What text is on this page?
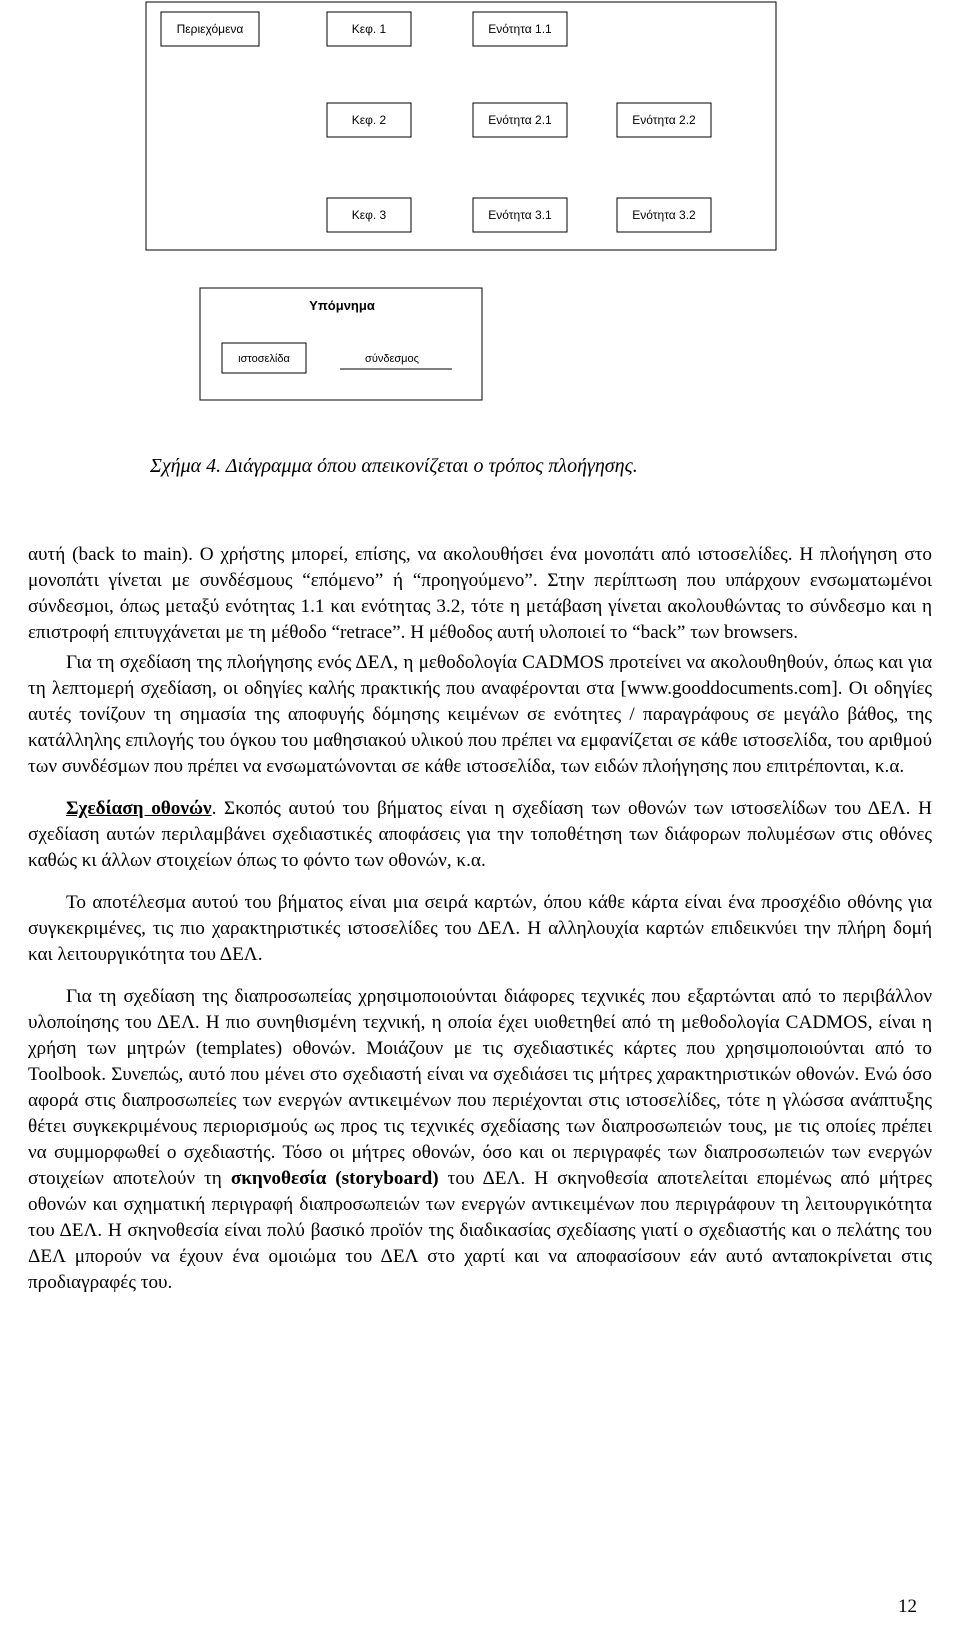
Περιεχόμενα	Κεφ. 1	Ενότητα 1.1
Κεφ. 2	Ενότητα 2.1	Ενότητα 2.2
Κεφ. 3	Ενότητα 3.1	Ενότητα 3.2
Υπόμνημα
ιστοσελίδα	σύνδεσμος
Σχήμα 4. Διάγραμμα όπου απεικονίζεται ο τρόπος πλοήγησης.

αυτή (back to main). Ο χρήστης μπορεί, επίσης, να ακολουθήσει ένα μονοπάτι από ιστοσελίδες. Η πλοήγηση στο μονοπάτι γίνεται με συνδέσμους “επόμενο” ή “προηγούμενο”. Στην περίπτωση που υπάρχουν ενσωματωμένοι σύνδεσμοι, όπως μεταξύ ενότητας 1.1 και ενότητας 3.2, τότε η μετάβαση γίνεται ακολουθώντας το σύνδεσμο και η επιστροφή επιτυγχάνεται με τη μέθοδο “retrace”. Η μέθοδος αυτή υλοποιεί το “back” των browsers.

Για τη σχεδίαση της πλοήγησης ενός ΔΕΛ, η μεθοδολογία CADMOS προτείνει να ακολουθηθούν, όπως και για τη λεπτομερή σχεδίαση, οι οδηγίες καλής πρακτικής που αναφέρονται στα [www.gooddocuments.com]. Οι οδηγίες αυτές τονίζουν τη σημασία της αποφυγής δόμησης κειμένων σε ενότητες / παραγράφους σε μεγάλο βάθος, της κατάλληλης επιλογής του όγκου του μαθησιακού υλικού που πρέπει να εμφανίζεται σε κάθε ιστοσελίδα, του αριθμού των συνδέσμων που πρέπει να ενσωματώνονται σε κάθε ιστοσελίδα, των ειδών πλοήγησης που επιτρέπονται, κ.α.

Σχεδίαση οθονών. Σκοπός αυτού του βήματος είναι η σχεδίαση των οθονών των ιστοσελίδων του ΔΕΛ. Η σχεδίαση αυτών περιλαμβάνει σχεδιαστικές αποφάσεις για την τοποθέτηση των διάφορων πολυμέσων στις οθόνες καθώς κι άλλων στοιχείων όπως το φόντο των οθονών, κ.α.

Το αποτέλεσμα αυτού του βήματος είναι μια σειρά καρτών, όπου κάθε κάρτα είναι ένα προσχέδιο οθόνης για συγκεκριμένες, τις πιο χαρακτηριστικές ιστοσελίδες του ΔΕΛ. Η αλληλουχία καρτών επιδεικνύει την πλήρη δομή και λειτουργικότητα του ΔΕΛ.

Για τη σχεδίαση της διαπροσωπείας χρησιμοποιούνται διάφορες τεχνικές που εξαρτώνται από το περιβάλλον υλοποίησης του ΔΕΛ. Η πιο συνηθισμένη τεχνική, η οποία έχει υιοθετηθεί από τη μεθοδολογία CADMOS, είναι η χρήση των μητρών (templates) οθονών. Μοιάζουν με τις σχεδιαστικές κάρτες που χρησιμοποιούνται από το Toolbook. Συνεπώς, αυτό που μένει στο σχεδιαστή είναι να σχεδιάσει τις μήτρες χαρακτηριστικών οθονών. Ενώ όσο αφορά στις διαπροσωπείες των ενεργών αντικειμένων που περιέχονται στις ιστοσελίδες, τότε η γλώσσα ανάπτυξης θέτει συγκεκριμένους περιορισμούς ως προς τις τεχνικές σχεδίασης των διαπροσωπειών τους, με τις οποίες πρέπει να συμμορφωθεί ο σχεδιαστής. Τόσο οι μήτρες οθονών, όσο και οι περιγραφές των διαπροσωπειών των ενεργών στοιχείων αποτελούν τη σκηνοθεσία (storyboard) του ΔΕΛ. Η σκηνοθεσία αποτελείται επομένως από μήτρες οθονών και σχηματική περιγραφή διαπροσωπειών των ενεργών αντικειμένων που περιγράφουν τη λειτουργικότητα του ΔΕΛ. Η σκηνοθεσία είναι πολύ βασικό προϊόν της διαδικασίας σχεδίασης γιατί ο σχεδιαστής και ο πελάτης του ΔΕΛ μπορούν να έχουν ένα ομοιώμα του ΔΕΛ στο χαρτί και να αποφασίσουν εάν αυτό ανταποκρίνεται στις προδιαγραφές του.

12
